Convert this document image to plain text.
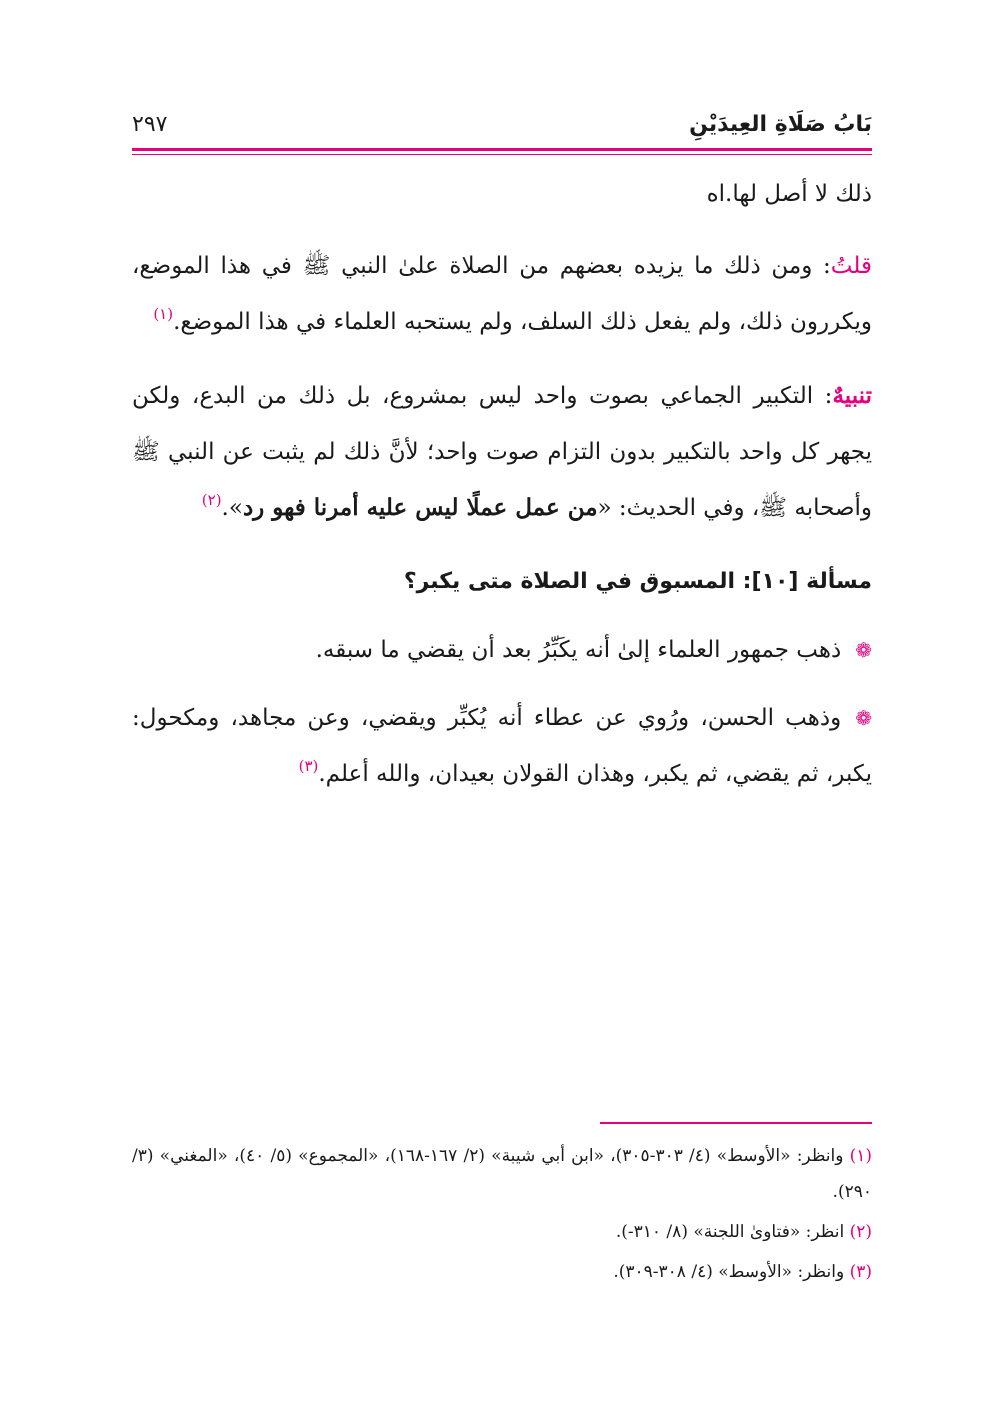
بَابُ صَلَاةِ العِيدَيْنِ
٢٩٧

ذلك لا أصل لها.اه

قلتُ: ومن ذلك ما يزيده بعضهم من الصلاة علىٰ النبي ﷺ في هذا الموضع، ويكررون ذلك، ولم يفعل ذلك السلف، ولم يستحبه العلماء في هذا الموضع.$^{(١)}$

تنبيهٌ: التكبير الجماعي بصوت واحد ليس بمشروع، بل ذلك من البدع، ولكن يجهر كل واحد بالتكبير بدون التزام صوت واحد؛ لأنَّ ذلك لم يثبت عن النبي ﷺ وأصحابه ﷺ، وفي الحديث: «من عمل عملًا ليس عليه أمرنا فهو رد».$^{(٢)}$

مسألة [١٠]: المسبوق في الصلاة متى يكبر؟

❁ذهب جمهور العلماء إلىٰ أنه يكَبِّرُ بعد أن يقضي ما سبقه.

❁وذهب الحسن، ورُوي عن عطاء أنه يُكبِّر ويقضي، وعن مجاهد، ومكحول: يكبر، ثم يقضي، ثم يكبر، وهذان القولان بعيدان، والله أعلم.$^{(٣)}$

(١) وانظر: «الأوسط» (٤/ ٣٠٣-٣٠٥)، «ابن أبي شيبة» (٢/ ١٦٧-١٦٨)، «المجموع» (٥/ ٤٠)، «المغني» (٣/ ٢٩٠).

(٢) انظر: «فتاوىٰ اللجنة» (٨/ ٣١٠-).

(٣) وانظر: «الأوسط» (٤/ ٣٠٨-٣٠٩).
